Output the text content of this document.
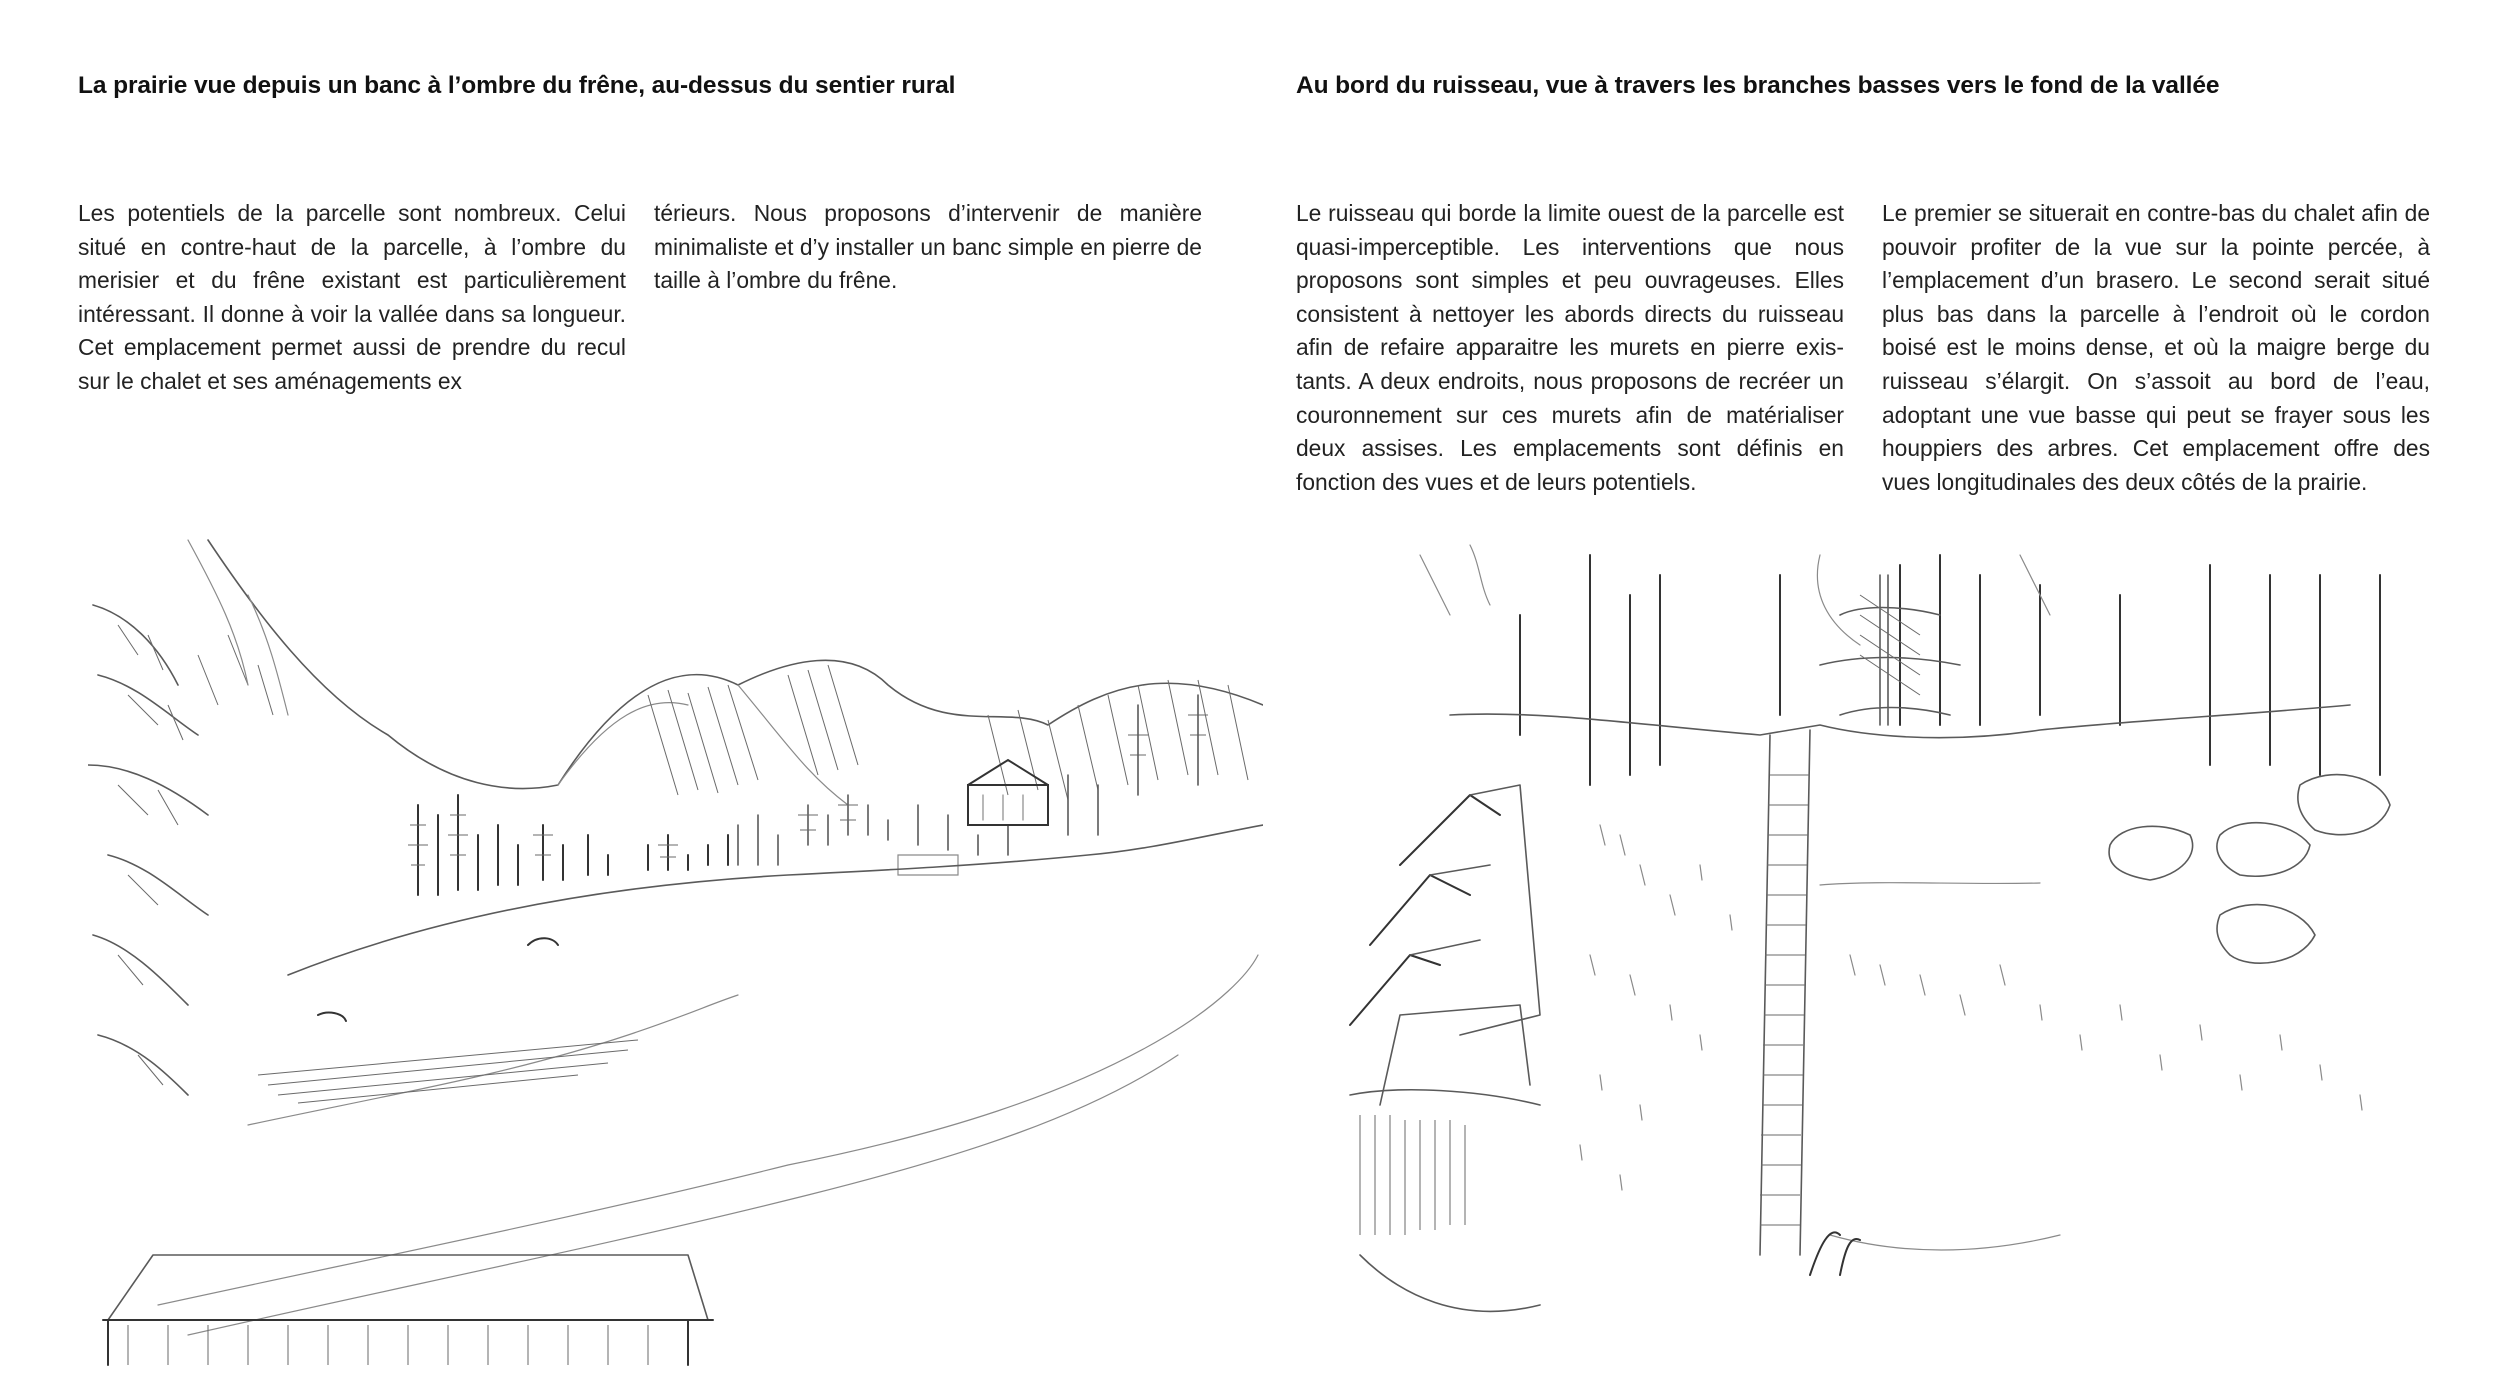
La prairie vue depuis un banc à l’ombre du frêne, au-dessus du sentier rural

Les potentiels de la parcelle sont nombreux. Celui situé en contre-haut de la parcelle, à l’ombre du merisier et du frêne existant est particulièrement intéressant. Il donne à voir la vallée dans sa longueur. Cet emplacement permet aussi de prendre du recul sur le chalet et ses aménagements ex

térieurs. Nous proposons d’intervenir de manière minimaliste et d’y installer un banc simple en pierre de taille à l’ombre du frêne.

Au bord du ruisseau, vue à travers les branches basses vers le fond de la vallée

Le ruisseau qui borde la limite ouest de la parcelle est quasi-imperceptible. Les interventions que nous proposons sont simples et peu ouvrageuses. Elles consistent à nettoyer les abords directs du ruisseau afin de refaire apparaitre les murets en pierre existants. A deux endroits, nous proposons de recréer un couronnement sur ces murets afin de matérialiser deux assises. Les emplacements sont définis en fonction des vues et de leurs potentiels.

Le premier se situerait en contre-bas du chalet afin de pouvoir profiter de la vue sur la pointe percée, à l’emplacement d’un brasero. Le second serait situé plus bas dans la parcelle à l’endroit où le cordon boisé est le moins dense, et où la maigre berge du ruisseau s’élargit. On s’assoit au bord de l’eau, adoptant une vue basse qui peut se frayer sous les houppiers des arbres. Cet emplacement offre des vues longitudinales des deux côtés de la prairie.
